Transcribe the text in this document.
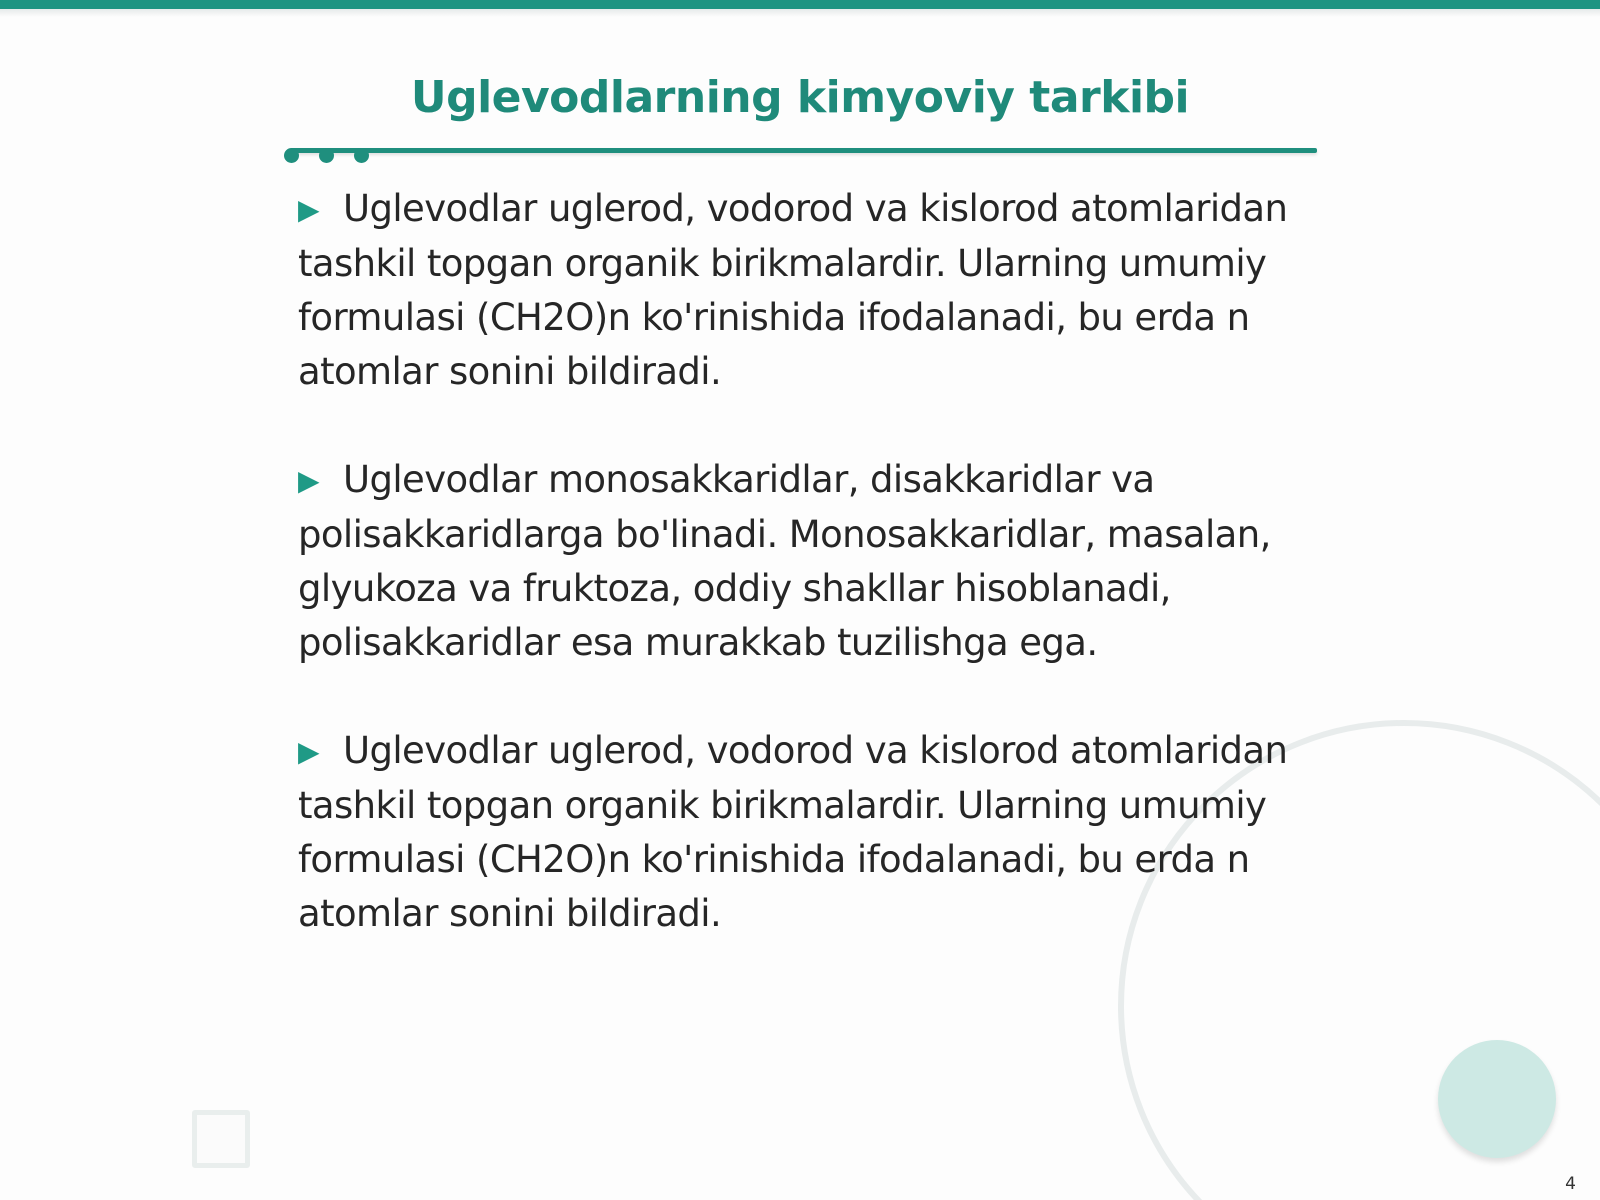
Uglevodlarning kimyoviy tarkibi

▶ Uglevodlar uglerod, vodorod va kislorod atomlaridan tashkil topgan organik birikmalardir. Ularning umumiy formulasi (CH2O)n ko'rinishida ifodalanadi, bu erda n atomlar sonini bildiradi.

▶ Uglevodlar monosakkaridlar, disakkaridlar va polisakkaridlarga bo'linadi. Monosakkaridlar, masalan, glyukoza va fruktoza, oddiy shakllar hisoblanadi, polisakkaridlar esa murakkab tuzilishga ega.

▶ Uglevodlar uglerod, vodorod va kislorod atomlaridan tashkil topgan organik birikmalardir. Ularning umumiy formulasi (CH2O)n ko'rinishida ifodalanadi, bu erda n atomlar sonini bildiradi.

4
